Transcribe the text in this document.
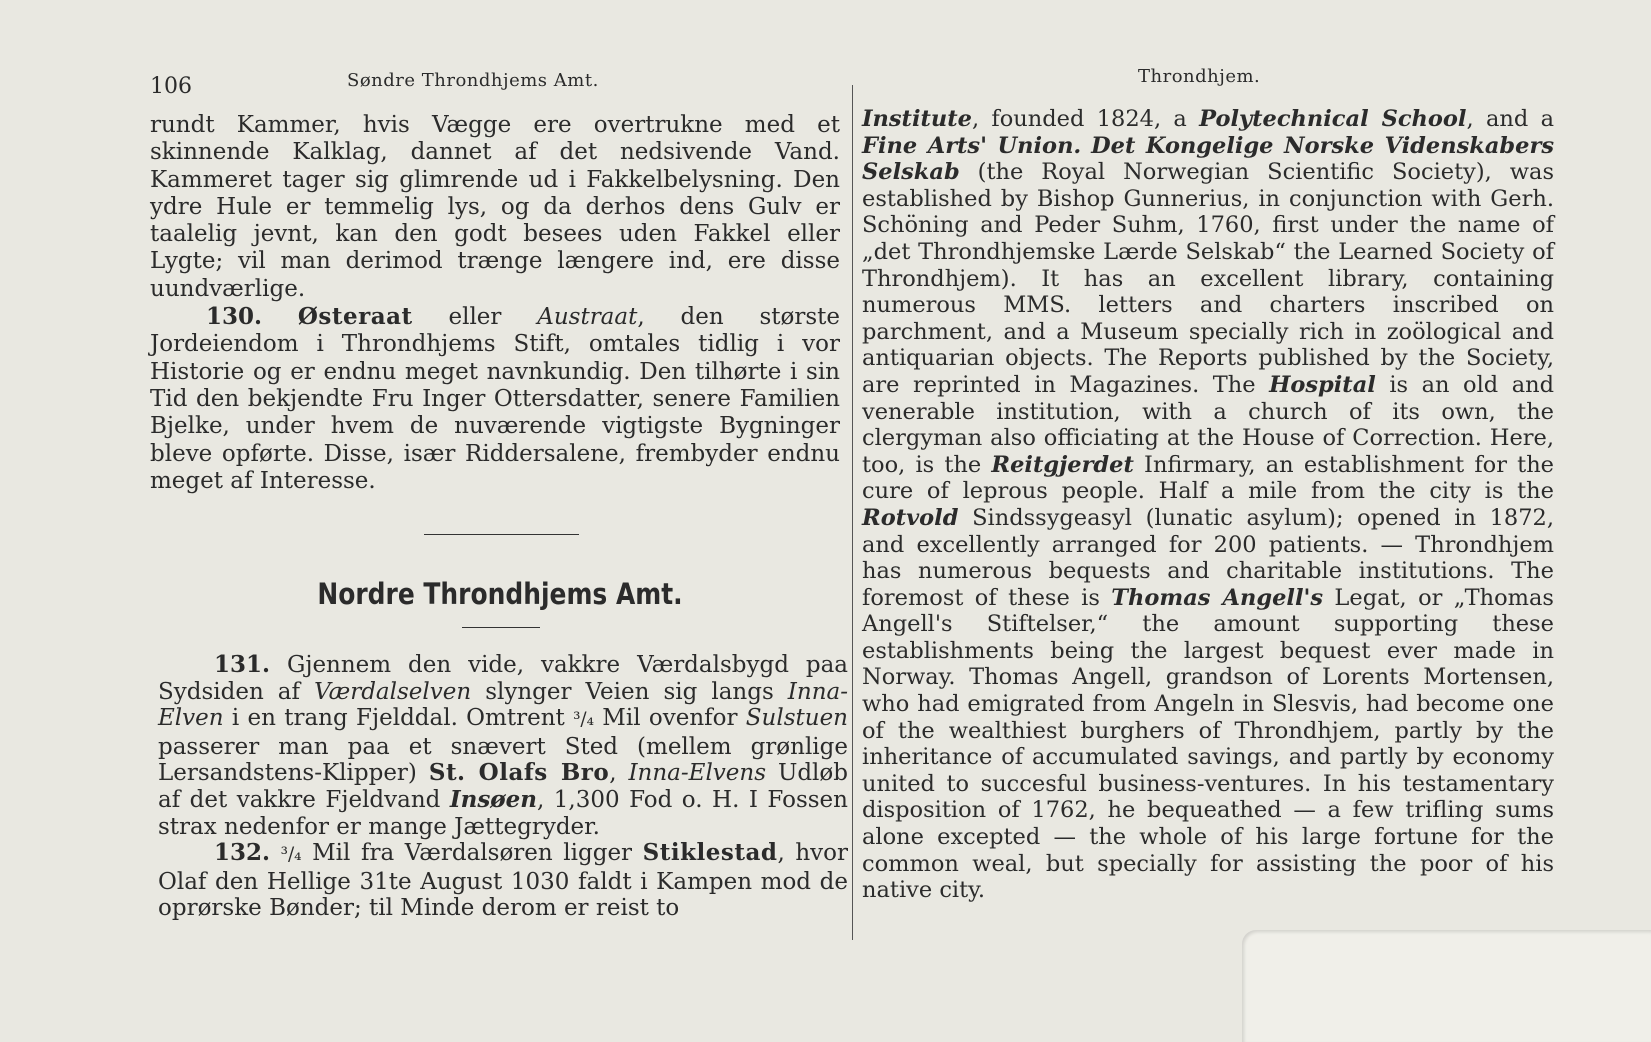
106	Søndre Throndhjems Amt.	Throndhjem.

rundt Kammer, hvis Vægge ere overtrukne med et skinnende Kalklag, dannet af det nedsivende Vand. Kammeret tager sig glimrende ud i Fakkelbelysning. Den ydre Hule er temmelig lys, og da derhos dens Gulv er taalelig jevnt, kan den godt besees uden Fakkel eller Lygte; vil man derimod trænge længere ind, ere disse uundværlige.

130. Østeraat eller Austraat, den største Jordeiendom i Throndhjems Stift, omtales tidlig i vor Historie og er endnu meget navnkundig. Den tilhørte i sin Tid den bekjendte Fru Inger Ottersdatter, senere Familien Bjelke, under hvem de nuværende vigtigste Bygninger bleve opførte. Disse, især Riddersalene, frembyder endnu meget af Interesse.

Nordre Throndhjems Amt.

131. Gjennem den vide, vakkre Værdalsbygd paa Sydsiden af Værdalselven slynger Veien sig langs Inna-Elven i en trang Fjelddal. Omtrent ³/₄ Mil ovenfor Sulstuen passerer man paa et snævert Sted (mellem grønlige Lersandstens-Klipper) St. Olafs Bro, Inna-Elvens Udløb af det vakkre Fjeldvand Insøen, 1,300 Fod o. H. I Fossen strax nedenfor er mange Jættegryder.

132. ³/₄ Mil fra Værdalsøren ligger Stiklestad, hvor Olaf den Hellige 31te August 1030 faldt i Kampen mod de oprørske Bønder; til Minde derom er reist to

Institute, founded 1824, a Polytechnical School, and a Fine Arts' Union. Det Kongelige Norske Videnskabers Selskab (the Royal Norwegian Scientific Society), was established by Bishop Gunnerius, in conjunction with Gerh. Schöning and Peder Suhm, 1760, first under the name of „det Throndhjemske Lærde Selskab“ the Learned Society of Throndhjem). It has an excellent library, containing numerous MMS. letters and charters inscribed on parchment, and a Museum specially rich in zoölogical and antiquarian objects. The Reports published by the Society, are reprinted in Magazines. The Hospital is an old and venerable institution, with a church of its own, the clergyman also officiating at the House of Correction. Here, too, is the Reitgjerdet Infirmary, an establishment for the cure of leprous people. Half a mile from the city is the Rotvold Sindssygeasyl (lunatic asylum); opened in 1872, and excellently arranged for 200 patients. — Throndhjem has numerous bequests and charitable institutions. The foremost of these is Thomas Angell's Legat, or „Thomas Angell's Stiftelser,“ the amount supporting these establishments being the largest bequest ever made in Norway. Thomas Angell, grandson of Lorents Mortensen, who had emigrated from Angeln in Slesvis, had become one of the wealthiest burghers of Throndhjem, partly by the inheritance of accumulated savings, and partly by economy united to succesful business-ventures. In his testamentary disposition of 1762, he bequeathed — a few trifling sums alone excepted — the whole of his large fortune for the common weal, but specially for assisting the poor of his native city.
